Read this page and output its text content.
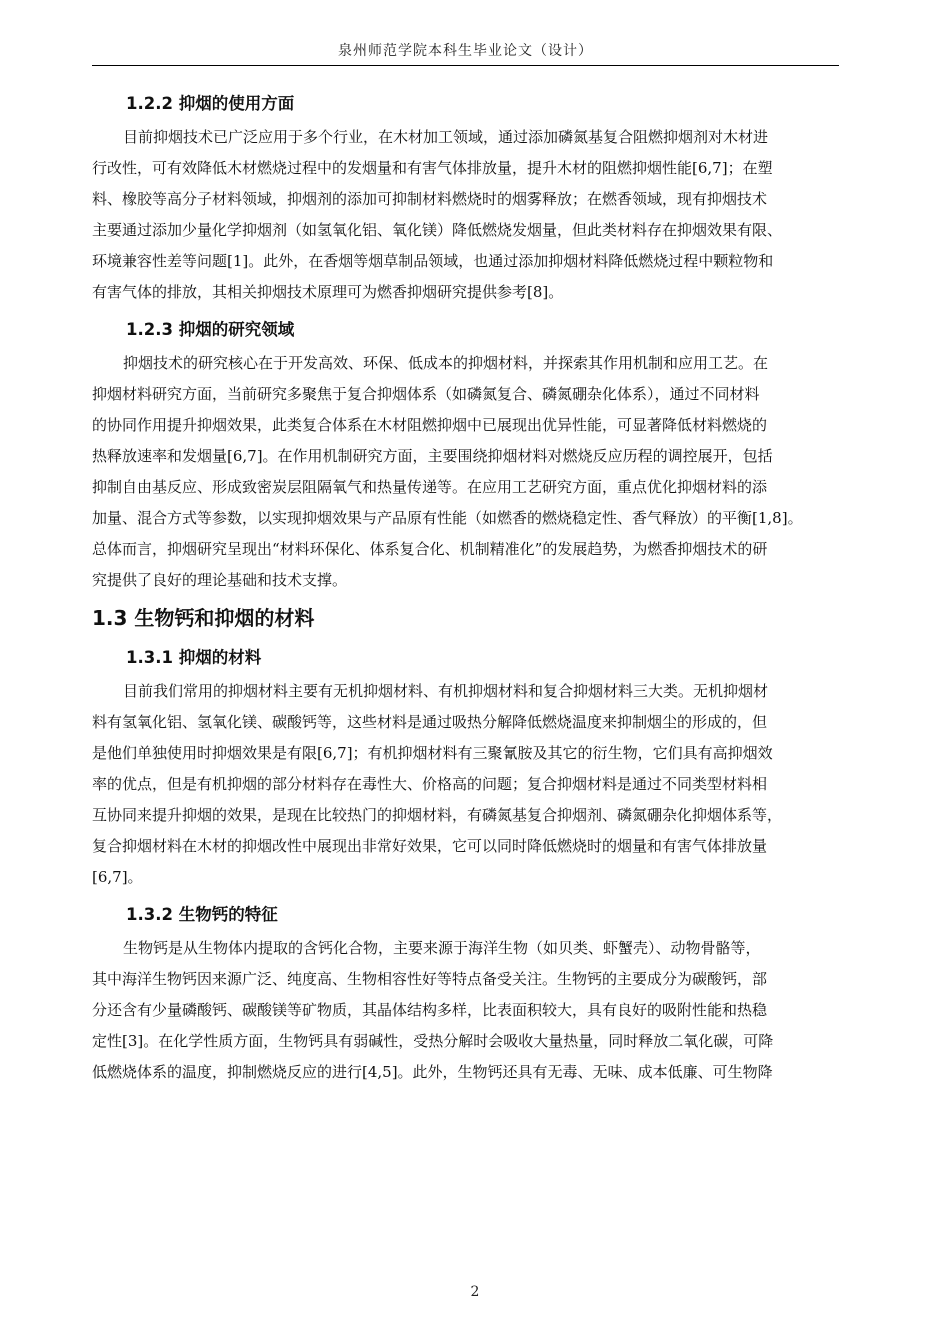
泉州师范学院本科生毕业论文（设计）
1.2.2 抑烟的使用方面
目前抑烟技术已广泛应用于多个行业，在木材加工领域，通过添加磷氮基复合阻燃抑烟剂对木材进
行改性，可有效降低木材燃烧过程中的发烟量和有害气体排放量，提升木材的阻燃抑烟性能[6,7]；在塑
料、橡胶等高分子材料领域，抑烟剂的添加可抑制材料燃烧时的烟雾释放；在燃香领域，现有抑烟技术
主要通过添加少量化学抑烟剂（如氢氧化铝、氧化镁）降低燃烧发烟量，但此类材料存在抑烟效果有限、
环境兼容性差等问题[1]。此外，在香烟等烟草制品领域，也通过添加抑烟材料降低燃烧过程中颗粒物和
有害气体的排放，其相关抑烟技术原理可为燃香抑烟研究提供参考[8]。
1.2.3 抑烟的研究领域
抑烟技术的研究核心在于开发高效、环保、低成本的抑烟材料，并探索其作用机制和应用工艺。在
抑烟材料研究方面，当前研究多聚焦于复合抑烟体系（如磷氮复合、磷氮硼杂化体系），通过不同材料
的协同作用提升抑烟效果，此类复合体系在木材阻燃抑烟中已展现出优异性能，可显著降低材料燃烧的
热释放速率和发烟量[6,7]。在作用机制研究方面，主要围绕抑烟材料对燃烧反应历程的调控展开，包括
抑制自由基反应、形成致密炭层阻隔氧气和热量传递等。在应用工艺研究方面，重点优化抑烟材料的添
加量、混合方式等参数，以实现抑烟效果与产品原有性能（如燃香的燃烧稳定性、香气释放）的平衡[1,8]。
总体而言，抑烟研究呈现出“材料环保化、体系复合化、机制精准化”的发展趋势，为燃香抑烟技术的研
究提供了良好的理论基础和技术支撑。
1.3 生物钙和抑烟的材料
1.3.1 抑烟的材料
目前我们常用的抑烟材料主要有无机抑烟材料、有机抑烟材料和复合抑烟材料三大类。无机抑烟材
料有氢氧化铝、氢氧化镁、碳酸钙等，这些材料是通过吸热分解降低燃烧温度来抑制烟尘的形成的，但
是他们单独使用时抑烟效果是有限[6,7]；有机抑烟材料有三聚氰胺及其它的衍生物，它们具有高抑烟效
率的优点，但是有机抑烟的部分材料存在毒性大、价格高的问题；复合抑烟材料是通过不同类型材料相
互协同来提升抑烟的效果，是现在比较热门的抑烟材料，有磷氮基复合抑烟剂、磷氮硼杂化抑烟体系等，
复合抑烟材料在木材的抑烟改性中展现出非常好效果，它可以同时降低燃烧时的烟量和有害气体排放量
[6,7]。
1.3.2 生物钙的特征
生物钙是从生物体内提取的含钙化合物，主要来源于海洋生物（如贝类、虾蟹壳）、动物骨骼等，
其中海洋生物钙因来源广泛、纯度高、生物相容性好等特点备受关注。生物钙的主要成分为碳酸钙，部
分还含有少量磷酸钙、碳酸镁等矿物质，其晶体结构多样，比表面积较大，具有良好的吸附性能和热稳
定性[3]。在化学性质方面，生物钙具有弱碱性，受热分解时会吸收大量热量，同时释放二氧化碳，可降
低燃烧体系的温度，抑制燃烧反应的进行[4,5]。此外，生物钙还具有无毒、无味、成本低廉、可生物降
2
